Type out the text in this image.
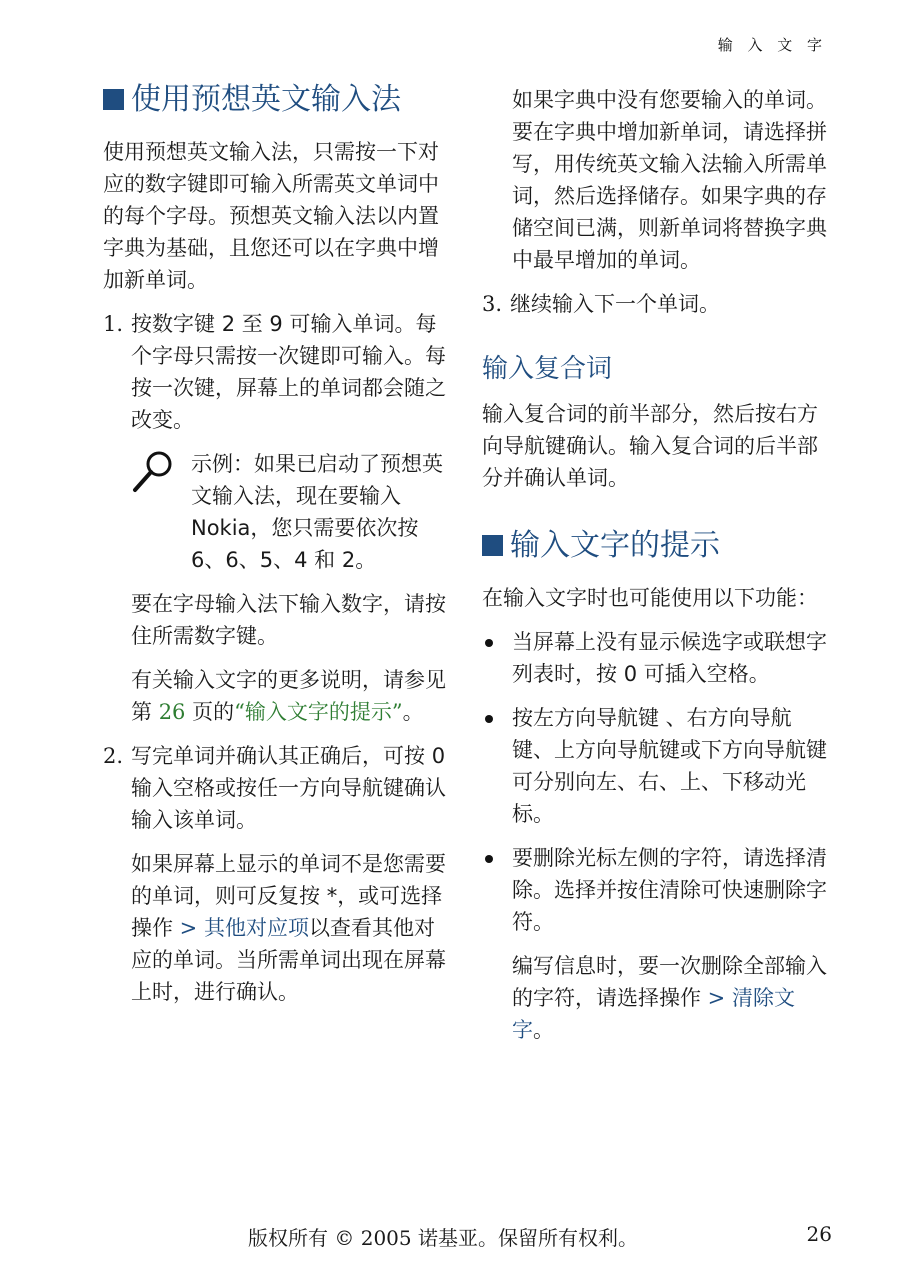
输 入 文 字
使用预想英文输入法

使用预想英文输入法，只需按一下对应的数字键即可输入所需英文单词中的每个字母。预想英文输入法以内置字典为基础，且您还可以在字典中增加新单词。

1. 按数字键 2 至 9 可输入单词。每个字母只需按一次键即可输入。每按一次键，屏幕上的单词都会随之改变。
示例：如果已启动了预想英文输入法，现在要输入 Nokia，您只需要依次按 6、6、5、4 和 2。

要在字母输入法下输入数字，请按住所需数字键。

有关输入文字的更多说明，请参见第 26 页的“输入文字的提示”。

2. 写完单词并确认其正确后，可按 0 输入空格或按任一方向导航键确认输入该单词。

如果屏幕上显示的单词不是您需要的单词，则可反复按 *，或可选择操作 > 其他对应项以查看其他对应的单词。当所需单词出现在屏幕上时，进行确认。

如果字典中没有您要输入的单词。要在字典中增加新单词，请选择拼写，用传统英文输入法输入所需单词，然后选择储存。如果字典的存储空间已满，则新单词将替换字典中最早增加的单词。

3. 继续输入下一个单词。
输入复合词

输入复合词的前半部分，然后按右方向导航键确认。输入复合词的后半部分并确认单词。

输入文字的提示

在输入文字时也可能使用以下功能：

当屏幕上没有显示候选字或联想字列表时，按 0 可插入空格。
按左方向导航键 、右方向导航键、上方向导航键或下方向导航键可分别向左、右、上、下移动光标。
要删除光标左侧的字符，请选择清除。选择并按住清除可快速删除字符。

编写信息时，要一次删除全部输入的字符，请选择操作 > 清除文字。

版权所有 © 2005 诺基亚。保留所有权利。	26
